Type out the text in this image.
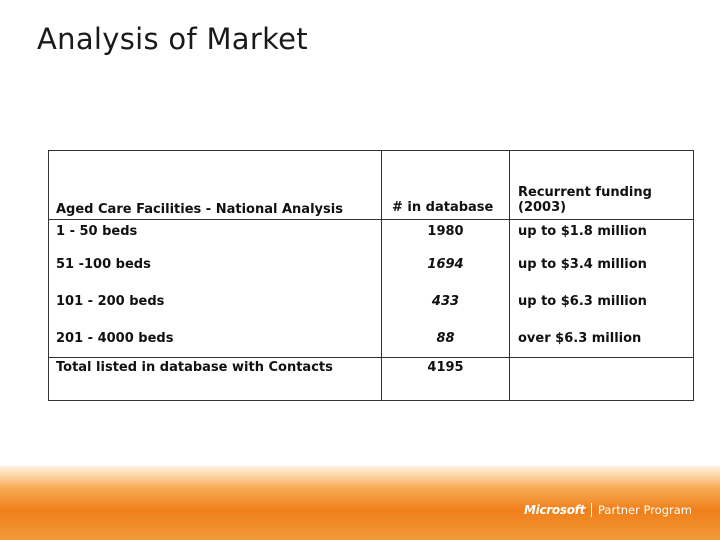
Analysis of Market
Aged Care Facilities - National Analysis	# in database	Recurrent funding (2003)
1 - 50 beds	1980	up to $1.8 million
51 -100 beds	1694	up to $3.4 million
101 - 200 beds	433	up to $6.3 million
201 - 4000 beds	88	over $6.3 million
Total listed in database with Contacts	4195	
Microsoft Partner Program
